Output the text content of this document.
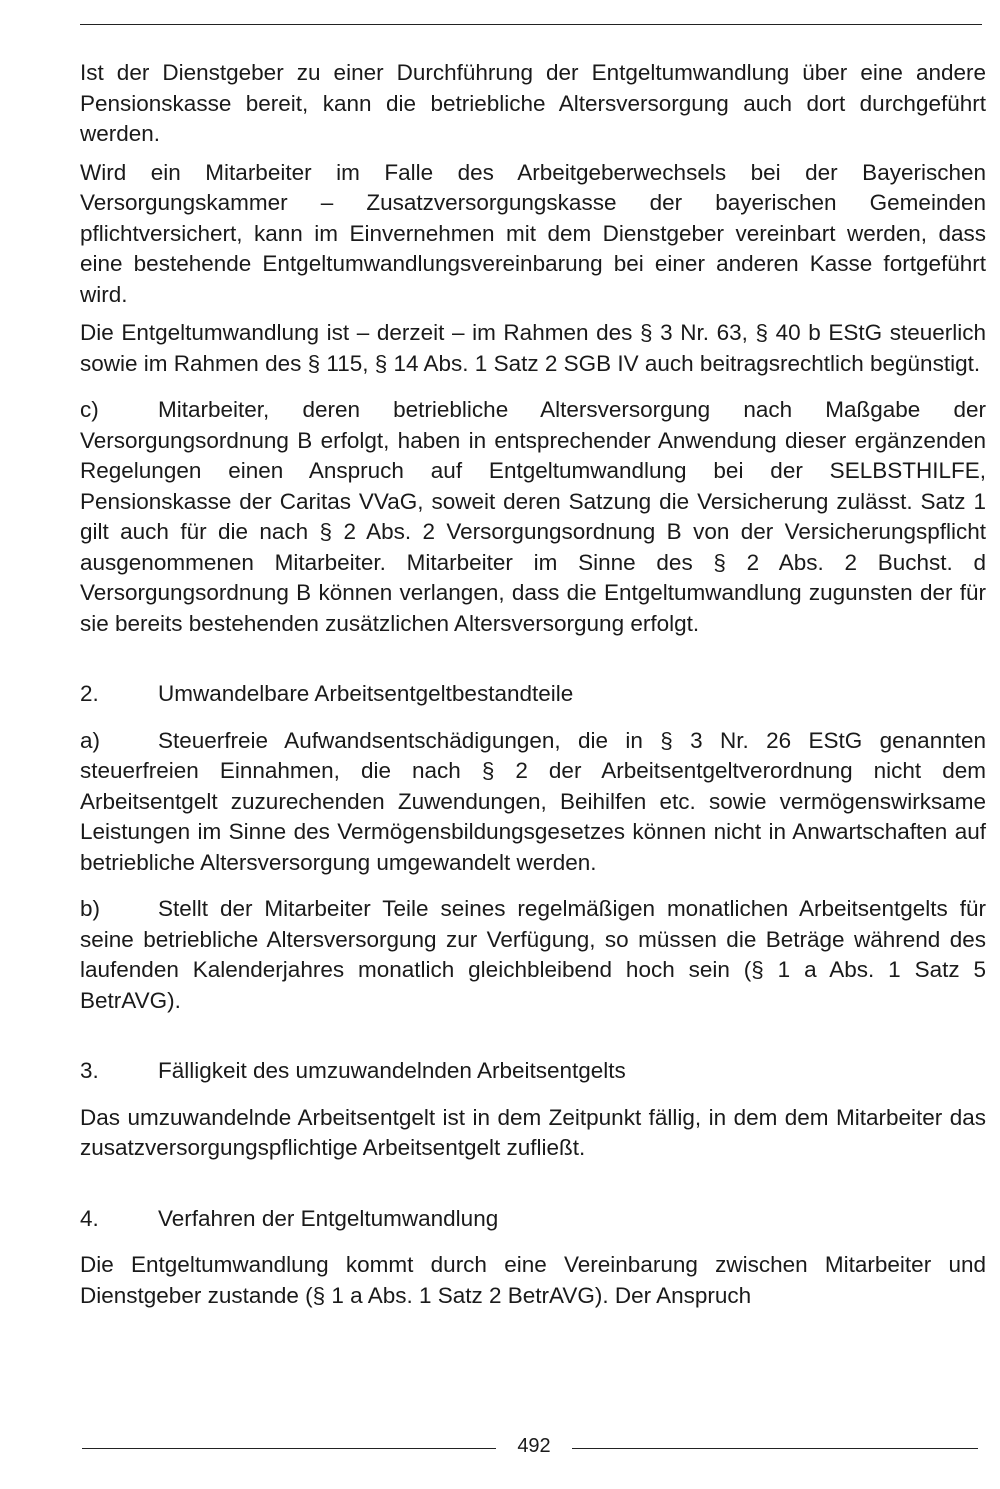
Ist der Dienstgeber zu einer Durchführung der Entgeltumwandlung über eine andere Pensionskasse bereit, kann die betriebliche Altersversorgung auch dort durchgeführt werden.

Wird ein Mitarbeiter im Falle des Arbeitgeberwechsels bei der Bayerischen Versorgungskammer – Zusatzversorgungskasse der bayerischen Gemeinden pflichtversichert, kann im Einvernehmen mit dem Dienstgeber vereinbart werden, dass eine bestehende Entgeltumwandlungsvereinbarung bei einer anderen Kasse fortgeführt wird.

Die Entgeltumwandlung ist – derzeit – im Rahmen des § 3 Nr. 63, § 40 b EStG steuerlich sowie im Rahmen des § 115, § 14 Abs. 1 Satz 2 SGB IV auch beitragsrechtlich begünstigt.

c)	Mitarbeiter, deren betriebliche Altersversorgung nach Maßgabe der Versorgungsordnung B erfolgt, haben in entsprechender Anwendung dieser ergänzenden Regelungen einen Anspruch auf Entgeltumwandlung bei der SELBSTHILFE, Pensionskasse der Caritas VVaG, soweit deren Satzung die Versicherung zulässt. Satz 1 gilt auch für die nach § 2 Abs. 2 Versorgungsordnung B von der Versicherungspflicht ausgenommenen Mitarbeiter. Mitarbeiter im Sinne des § 2 Abs. 2 Buchst. d Versorgungsordnung B können verlangen, dass die Entgeltumwandlung zugunsten der für sie bereits bestehenden zusätzlichen Altersversorgung erfolgt.

2.	Umwandelbare Arbeitsentgeltbestandteile

a)	Steuerfreie Aufwandsentschädigungen, die in § 3 Nr. 26 EStG genannten steuerfreien Einnahmen, die nach § 2 der Arbeitsentgeltverordnung nicht dem Arbeitsentgelt zuzurechenden Zuwendungen, Beihilfen etc. sowie vermögenswirksame Leistungen im Sinne des Vermögensbildungsgesetzes können nicht in Anwartschaften auf betriebliche Altersversorgung umgewandelt werden.

b)	Stellt der Mitarbeiter Teile seines regelmäßigen monatlichen Arbeitsentgelts für seine betriebliche Altersversorgung zur Verfügung, so müssen die Beträge während des laufenden Kalenderjahres monatlich gleichbleibend hoch sein (§ 1 a Abs. 1 Satz 5 BetrAVG).

3.	Fälligkeit des umzuwandelnden Arbeitsentgelts

Das umzuwandelnde Arbeitsentgelt ist in dem Zeitpunkt fällig, in dem dem Mitarbeiter das zusatzversorgungspflichtige Arbeitsentgelt zufließt.

4.	Verfahren der Entgeltumwandlung

Die Entgeltumwandlung kommt durch eine Vereinbarung zwischen Mitarbeiter und Dienstgeber zustande (§ 1 a Abs. 1 Satz 2 BetrAVG). Der Anspruch

492
